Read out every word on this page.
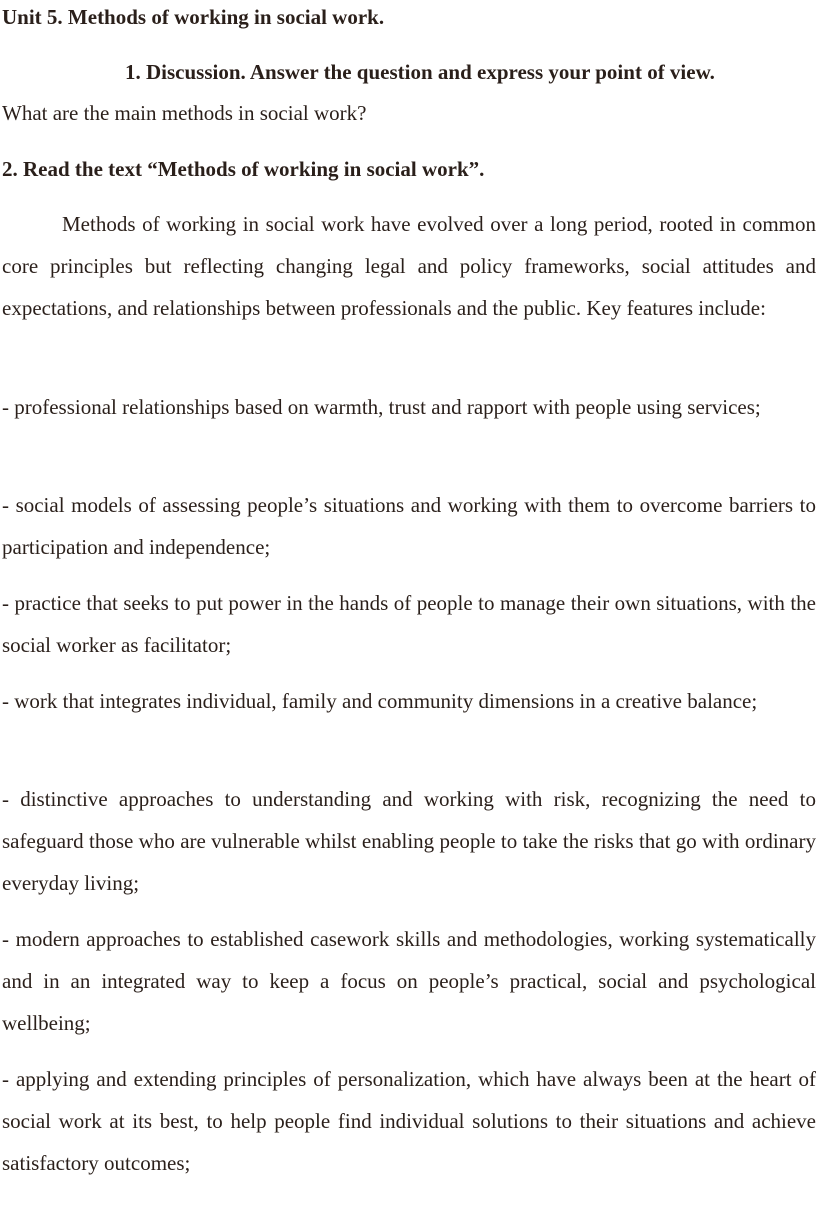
Unit 5. Methods of working in social work.
1. Discussion. Answer the question and express your point of view.
What are the main methods in social work?
2. Read the text “Methods of working in social work”.

Methods of working in social work have evolved over a long period, rooted in common core principles but reflecting changing legal and policy frameworks, social attitudes and expectations, and relationships between professionals and the public. Key features include:

- professional relationships based on warmth, trust and rapport with people using services;

- social models of assessing people’s situations and working with them to overcome barriers to participation and independence;

- practice that seeks to put power in the hands of people to manage their own situations, with the social worker as facilitator;

- work that integrates individual, family and community dimensions in a creative balance;

- distinctive approaches to understanding and working with risk, recognizing the need to safeguard those who are vulnerable whilst enabling people to take the risks that go with ordinary everyday living;

- modern approaches to established casework skills and methodologies, working systematically and in an integrated way to keep a focus on people’s practical, social and psychological wellbeing;

- applying and extending principles of personalization, which have always been at the heart of social work at its best, to help people find individual solutions to their situations and achieve satisfactory outcomes;
